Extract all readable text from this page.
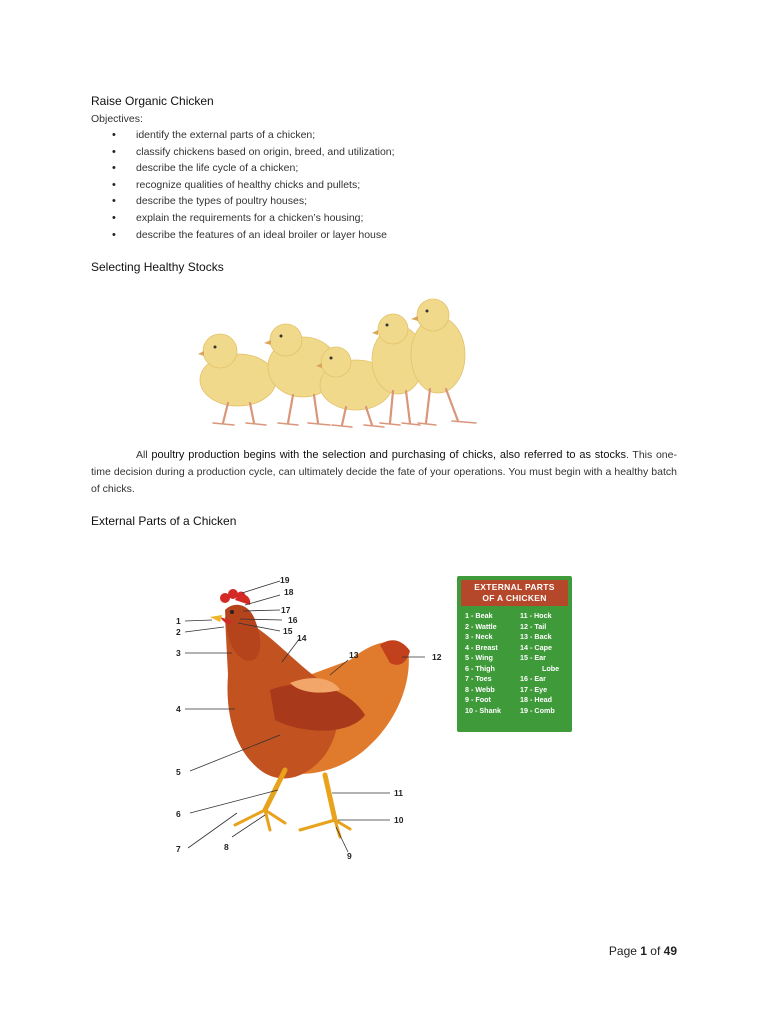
Raise Organic Chicken
Objectives:
• identify the external parts of a chicken;
• classify chickens based on origin, breed, and utilization;
• describe the life cycle of a chicken;
• recognize qualities of healthy chicks and pullets;
• describe the types of poultry houses;
• explain the requirements for a chicken’s housing;
• describe the features of an ideal broiler or layer house
Selecting Healthy Stocks
All poultry production begins with the selection and purchasing of chicks, also referred to as stocks. This one-time decision during a production cycle, can ultimately decide the fate of your operations. You must begin with a healthy batch of chicks.
External Parts of a Chicken
1
2
3
4
5
6
7	8
9
10
11
12
13
14
15
16
17
18
19
EXTERNAL PARTS
OF A CHICKEN
1 - Beak
2 - Wattle
3 - Neck
4 - Breast
5 - Wing
6 - Thigh
7 - Toes
8 - Webb
9 - Foot
10 - Shank
11 - Hock
12 - Tail
13 - Back
14 - Cape
15 - Ear
Lobe
16 - Ear
17 - Eye
18 - Head
19 - Comb
Page 1 of 49
